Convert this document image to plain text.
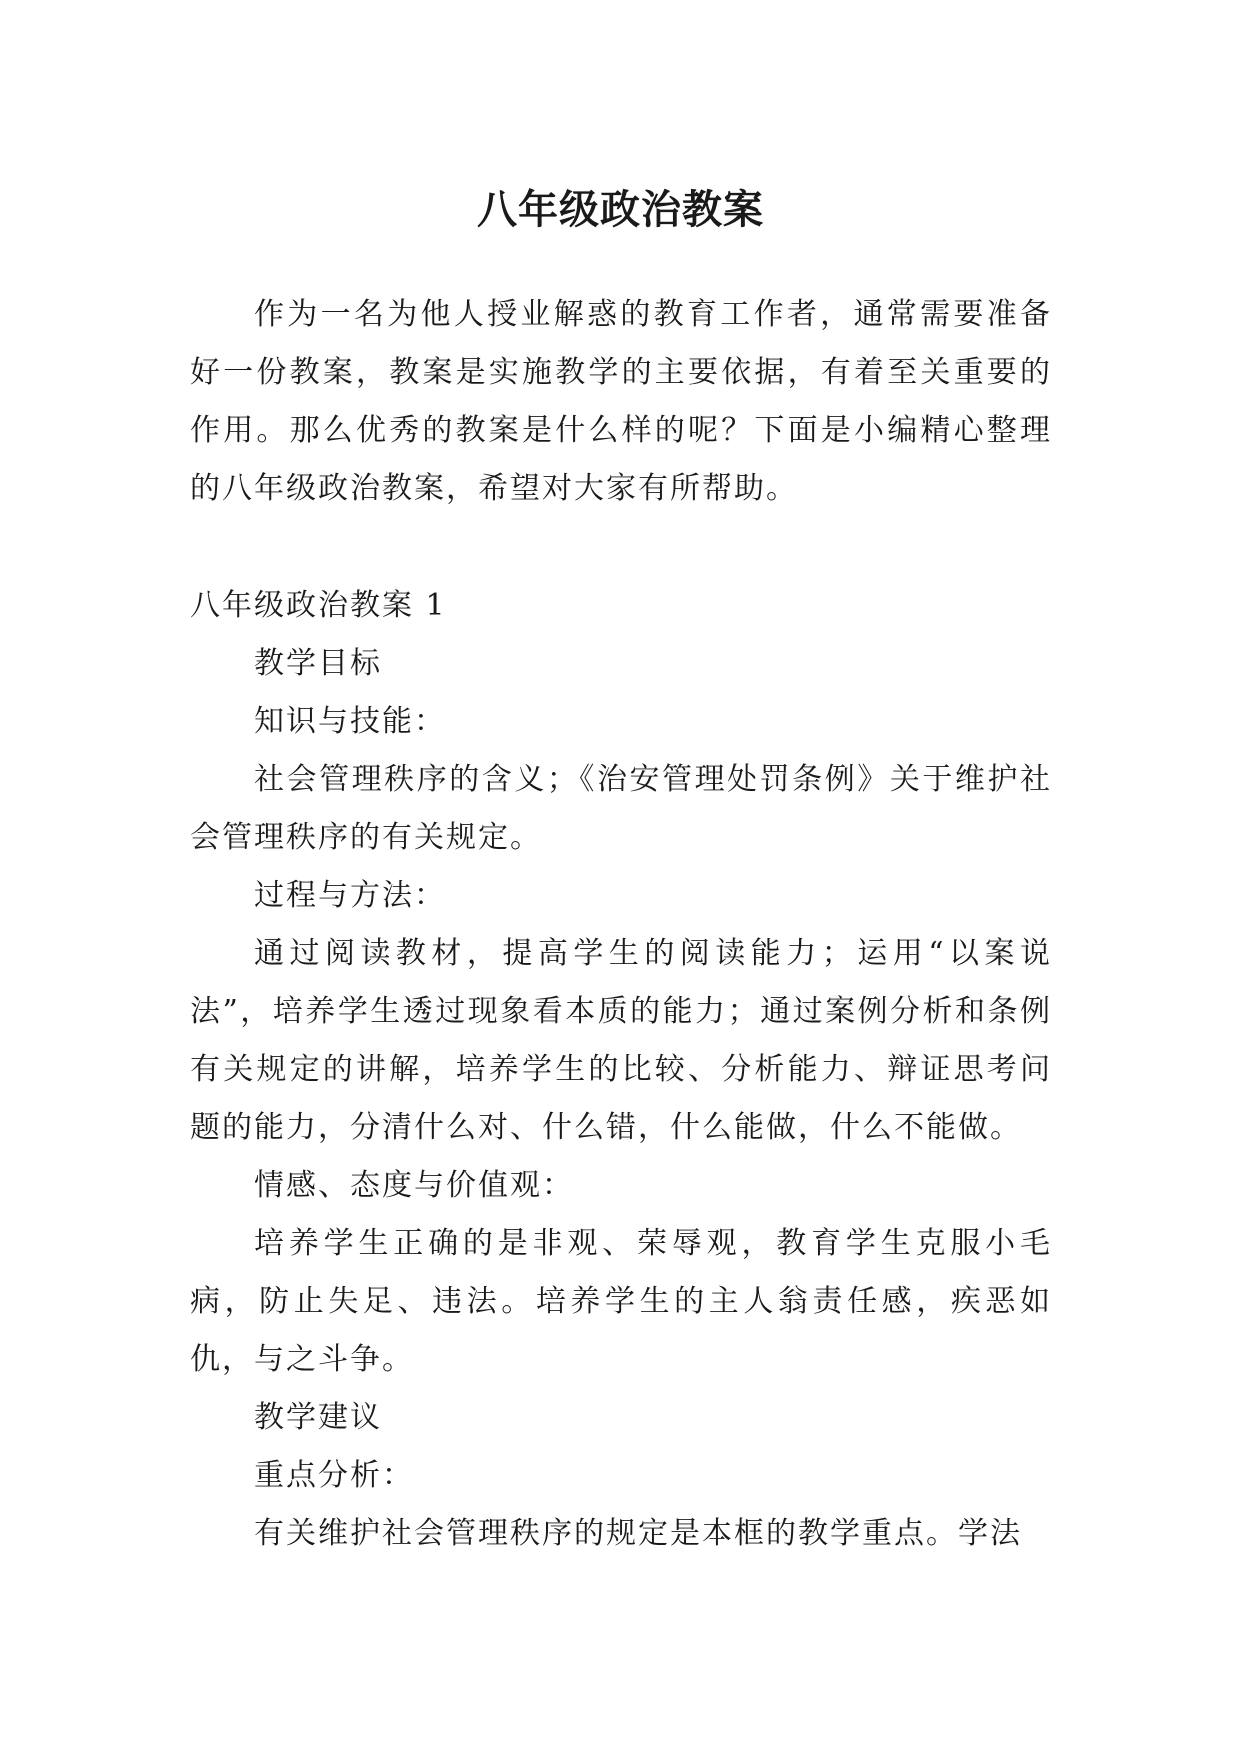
八年级政治教案

作为一名为他人授业解惑的教育工作者，通常需要准备好一份教案，教案是实施教学的主要依据，有着至关重要的作用。那么优秀的教案是什么样的呢？下面是小编精心整理的八年级政治教案，希望对大家有所帮助。

八年级政治教案 1

教学目标

知识与技能：

社会管理秩序的含义；《治安管理处罚条例》关于维护社会管理秩序的有关规定。

过程与方法：

通过阅读教材，提高学生的阅读能力；运用“以案说法”，培养学生透过现象看本质的能力；通过案例分析和条例有关规定的讲解，培养学生的比较、分析能力、辩证思考问题的能力，分清什么对、什么错，什么能做，什么不能做。

情感、态度与价值观：

培养学生正确的是非观、荣辱观，教育学生克服小毛病，防止失足、违法。培养学生的主人翁责任感，疾恶如仇，与之斗争。

教学建议

重点分析：

有关维护社会管理秩序的规定是本框的教学重点。学法
